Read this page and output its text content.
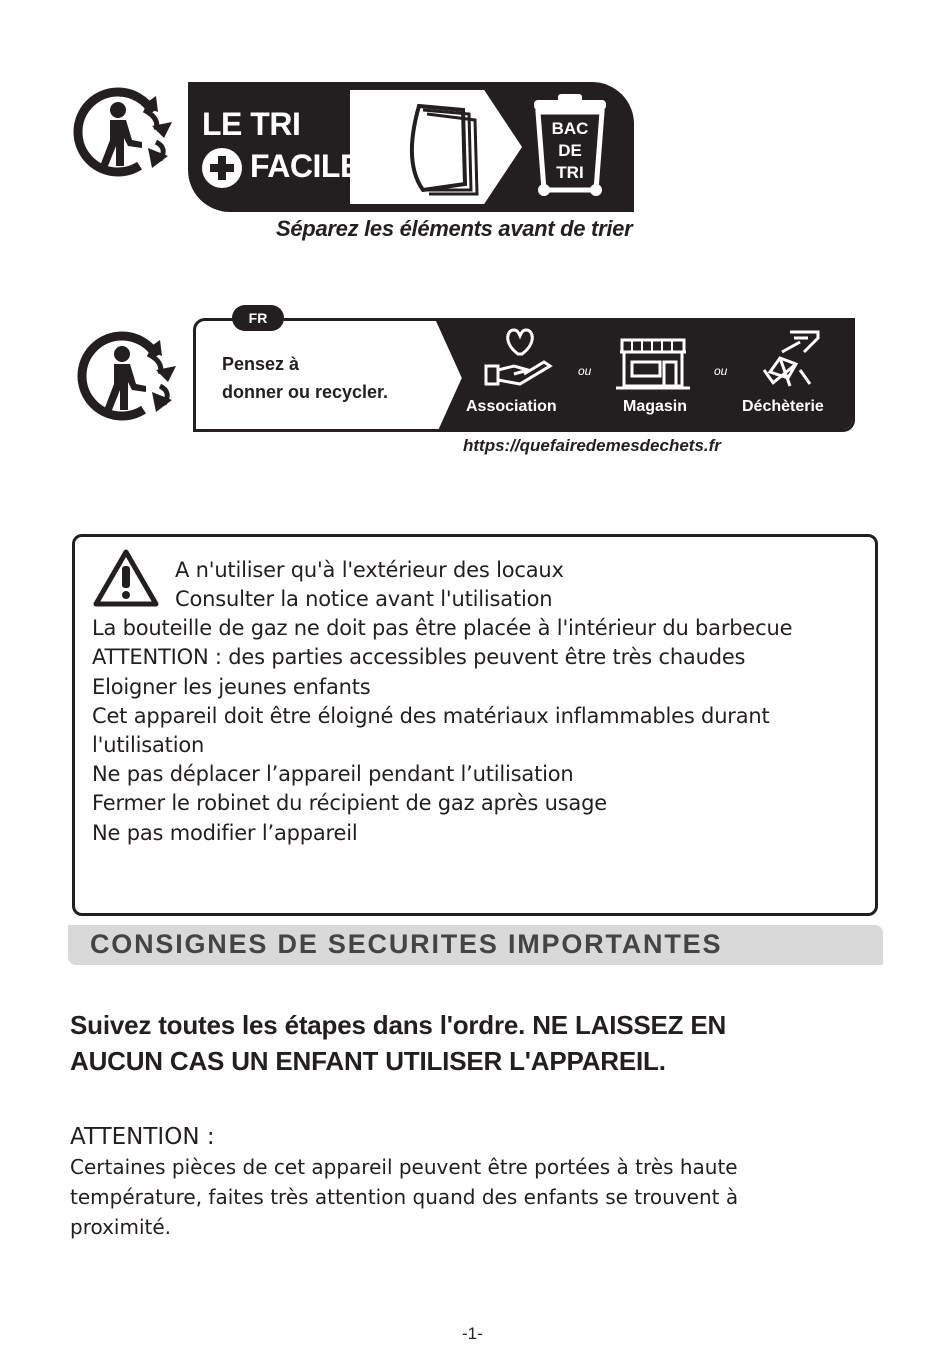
LE TRI
FACILE
BAC
DE
TRI
Séparez les éléments avant de trier
FR
Pensez à
donner ou recycler.
ou	ou
Association	Magasin	Déchèterie
https://quefairedemesdechets.fr
A n'utiliser qu'à l'extérieur des locaux
Consulter la notice avant l'utilisation
La bouteille de gaz ne doit pas être placée à l'intérieur du barbecue
ATTENTION : des parties accessibles peuvent être très chaudes
Eloigner les jeunes enfants
Cet appareil doit être éloigné des matériaux inflammables durant
l'utilisation
Ne pas déplacer l’appareil pendant l’utilisation
Fermer le robinet du récipient de gaz après usage
Ne pas modifier l’appareil
CONSIGNES DE SECURITES IMPORTANTES
Suivez toutes les étapes dans l'ordre. NE LAISSEZ EN
AUCUN CAS UN ENFANT UTILISER L'APPAREIL.
ATTENTION :
Certaines pièces de cet appareil peuvent être portées à très haute
température, faites très attention quand des enfants se trouvent à
proximité.
-1-
